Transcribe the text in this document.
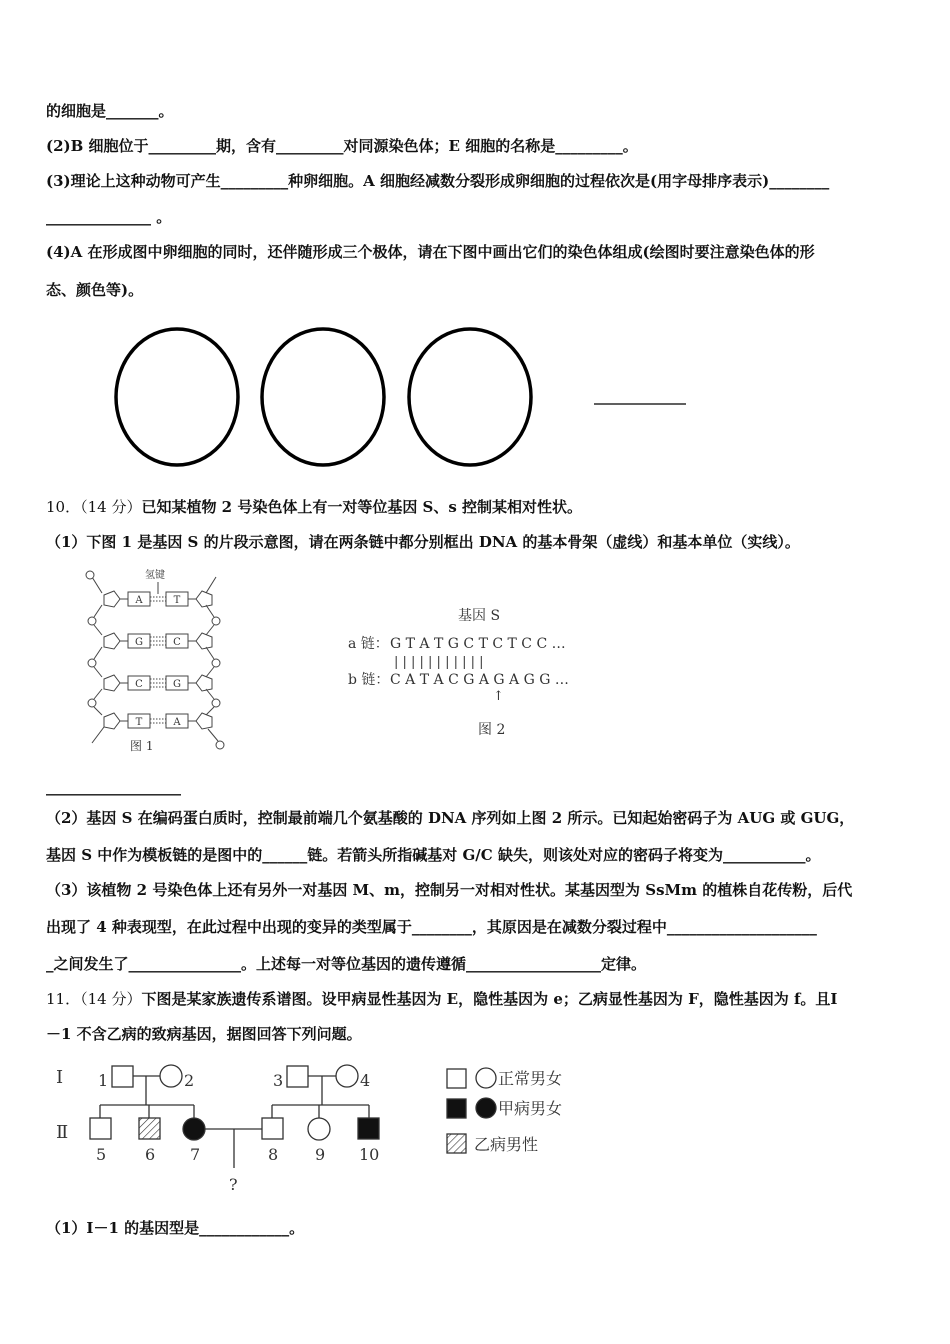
的细胞是_______。
(2)B 细胞位于_________期，含有_________对同源染色体；E 细胞的名称是_________。
(3)理论上这种动物可产生_________种卵细胞。A 细胞经减数分裂形成卵细胞的过程依次是(用字母排序表示)________
______________ 。
(4)A 在形成图中卵细胞的同时，还伴随形成三个极体，请在下图中画出它们的染色体组成(绘图时要注意染色体的形
态、颜色等)。
10．（14 分）已知某植物 2 号染色体上有一对等位基因 S、s 控制某相对性状。
（1）下图 1 是基因 S 的片段示意图，请在两条链中都分别框出 DNA 的基本骨架（虚线）和基本单位（实线）。
氢键
A	T
G	C
C	G
T	A
图 1
基因 S
a 链： G T A T G C T C T C C …
| | | | | | | | | | |
b 链： C A T A C G A G A G G …
↑
图 2
__________________
（2）基因 S 在编码蛋白质时，控制最前端几个氨基酸的 DNA 序列如上图 2 所示。已知起始密码子为 AUG 或 GUG，
基因 S 中作为模板链的是图中的______链。若箭头所指碱基对 G/C 缺失，则该处对应的密码子将变为___________。
（3）该植物 2 号染色体上还有另外一对基因 M、m，控制另一对相对性状。某基因型为 SsMm 的植株自花传粉，后代
出现了 4 种表现型，在此过程中出现的变异的类型属于________，其原因是在减数分裂过程中____________________
_之间发生了_______________。上述每一对等位基因的遗传遵循__________________定律。
11．（14 分）下图是某家族遗传系谱图。设甲病显性基因为 E，隐性基因为 e；乙病显性基因为 F，隐性基因为 f。且Ⅰ
－1 不含乙病的致病基因，据图回答下列问题。
Ⅰ
Ⅱ
1	2	3	4
5 6 7	8 9 10
?
正常男女
甲病男女
乙病男性
（1）Ⅰ－1 的基因型是____________。
